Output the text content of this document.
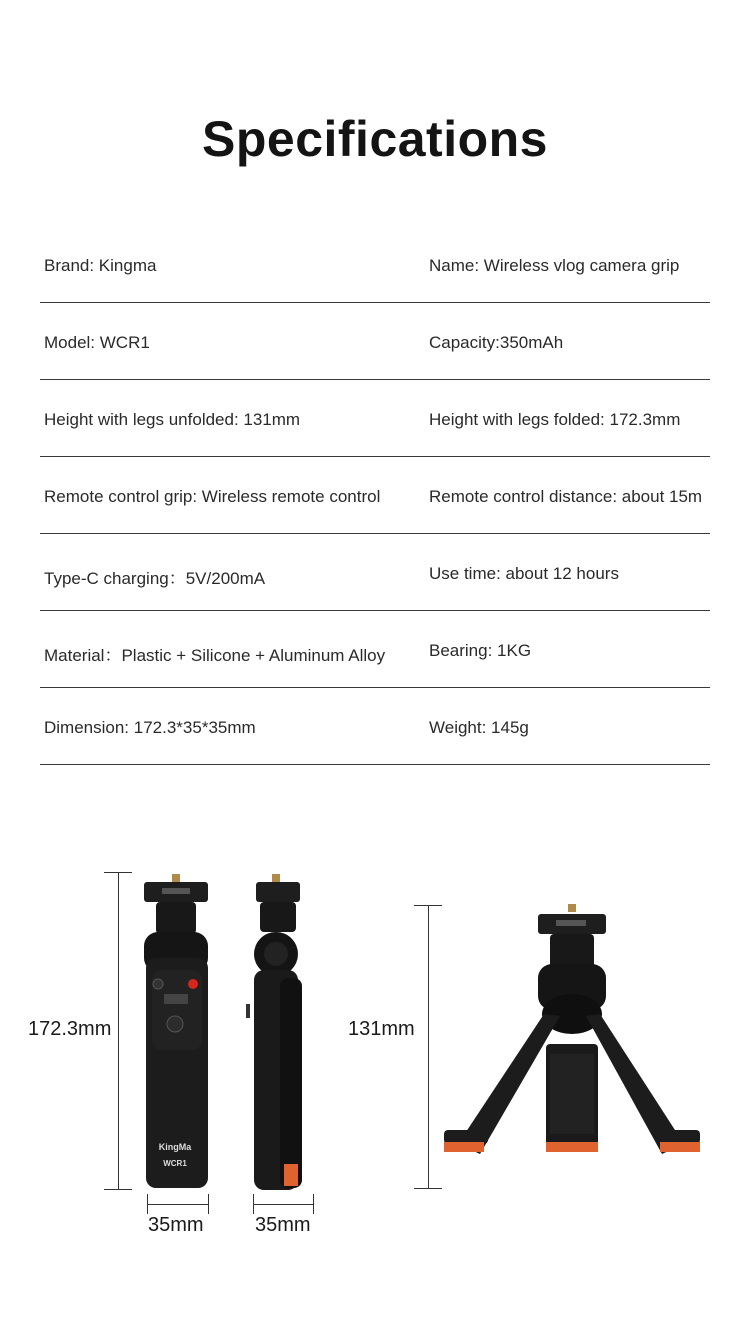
Specifications
Brand: Kingma	Name: Wireless vlog camera grip
Model: WCR1	Capacity:350mAh
Height with legs unfolded: 131mm	Height with legs folded: 172.3mm
Remote control grip: Wireless remote control	Remote control distance: about 15m
Type-C charging：5V/200mA	Use time: about 12 hours
Material：Plastic + Silicone + Aluminum Alloy	Bearing: 1KG
Dimension: 172.3*35*35mm	Weight: 145g
172.3mm
KingMa
WCR1
35mm	35mm
131mm
